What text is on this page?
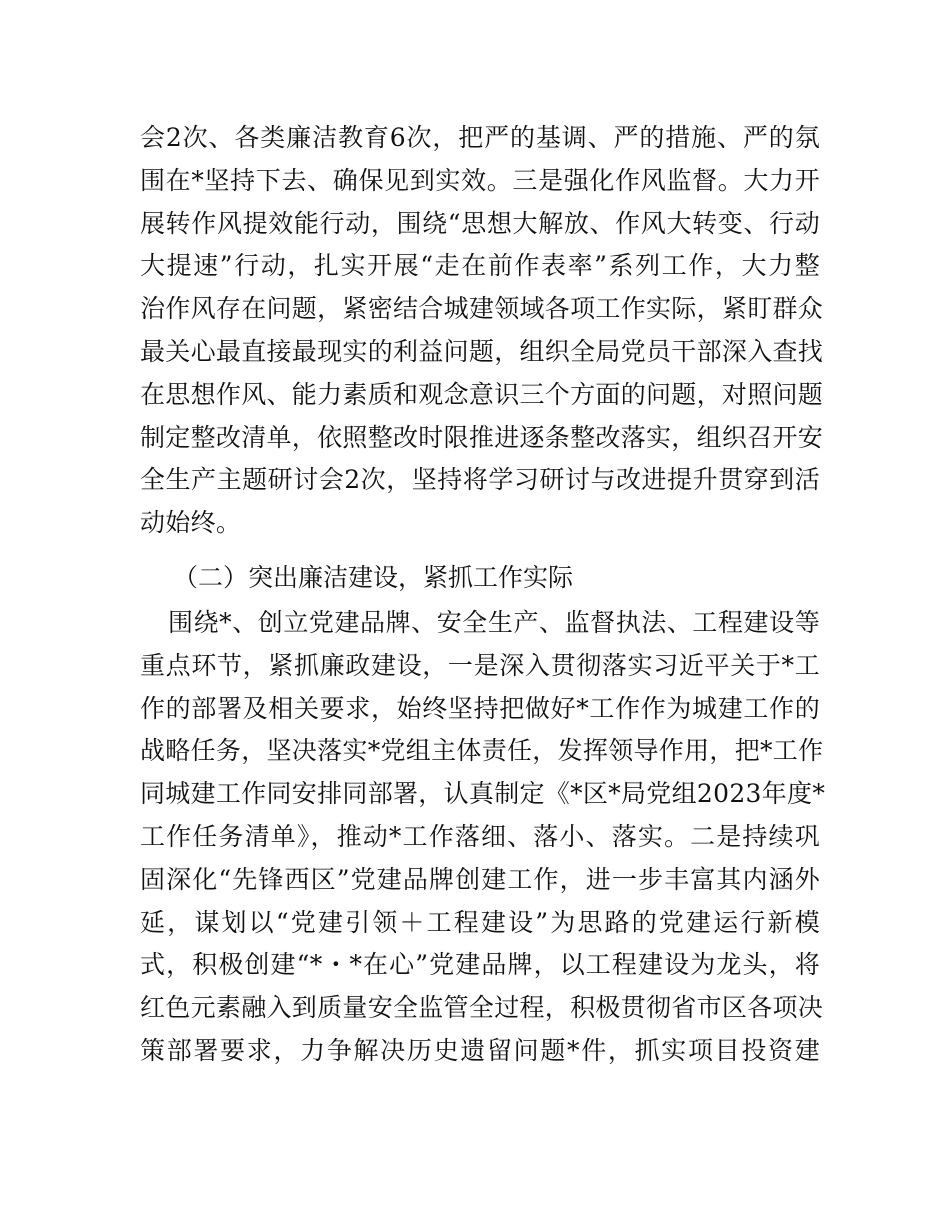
会2次、各类廉洁教育6次，把严的基调、严的措施、严的氛
围在*坚持下去、确保见到实效。三是强化作风监督。大力开
展转作风提效能行动，围绕“思想大解放、作风大转变、行动
大提速”行动，扎实开展“走在前作表率”系列工作，大力整
治作风存在问题，紧密结合城建领域各项工作实际，紧盯群众
最关心最直接最现实的利益问题，组织全局党员干部深入查找
在思想作风、能力素质和观念意识三个方面的问题，对照问题
制定整改清单，依照整改时限推进逐条整改落实，组织召开安
全生产主题研讨会2次，坚持将学习研讨与改进提升贯穿到活
动始终。
（二）突出廉洁建设，紧抓工作实际
围绕*、创立党建品牌、安全生产、监督执法、工程建设等
重点环节，紧抓廉政建设，一是深入贯彻落实习近平关于*工
作的部署及相关要求，始终坚持把做好*工作作为城建工作的
战略任务，坚决落实*党组主体责任，发挥领导作用，把*工作
同城建工作同安排同部署，认真制定《*区*局党组2023年度*
工作任务清单》，推动*工作落细、落小、落实。二是持续巩
固深化“先锋西区”党建品牌创建工作，进一步丰富其内涵外
延，谋划以“党建引领＋工程建设”为思路的党建运行新模
式，积极创建“*・*在心”党建品牌，以工程建设为龙头，将
红色元素融入到质量安全监管全过程，积极贯彻省市区各项决
策部署要求，力争解决历史遗留问题*件，抓实项目投资建
